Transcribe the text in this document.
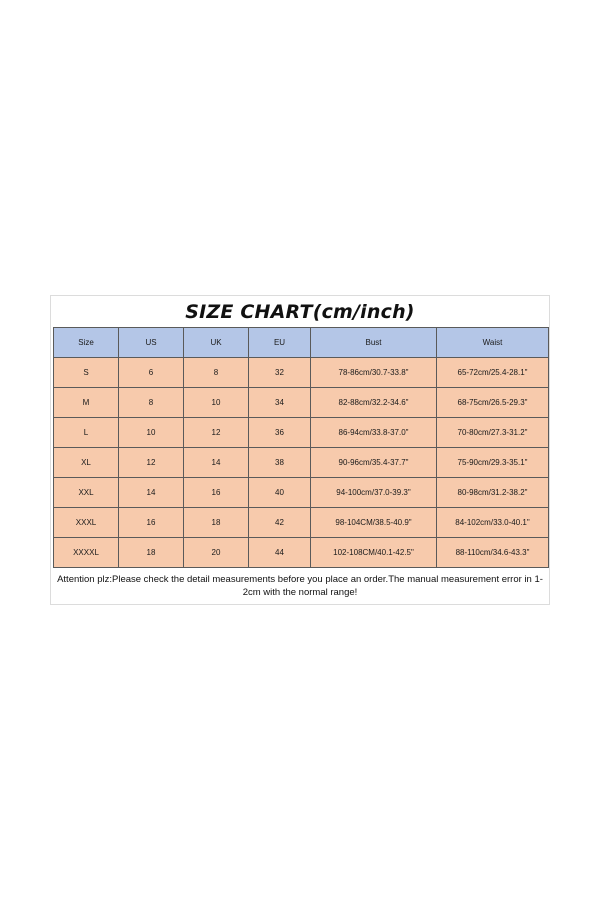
SIZE CHART(cm/inch)
Size	US	UK	EU	Bust	Waist
S	6	8	32	78-86cm/30.7-33.8"	65-72cm/25.4-28.1"
M	8	10	34	82-88cm/32.2-34.6"	68-75cm/26.5-29.3"
L	10	12	36	86-94cm/33.8-37.0"	70-80cm/27.3-31.2"
XL	12	14	38	90-96cm/35.4-37.7"	75-90cm/29.3-35.1"
XXL	14	16	40	94-100cm/37.0-39.3"	80-98cm/31.2-38.2"
XXXL	16	18	42	98-104CM/38.5-40.9"	84-102cm/33.0-40.1"
XXXXL	18	20	44	102-108CM/40.1-42.5"	88-110cm/34.6-43.3"
Attention plz:Please check the detail measurements before you place an order.The manual measurement error in 1-2cm with the normal range!
